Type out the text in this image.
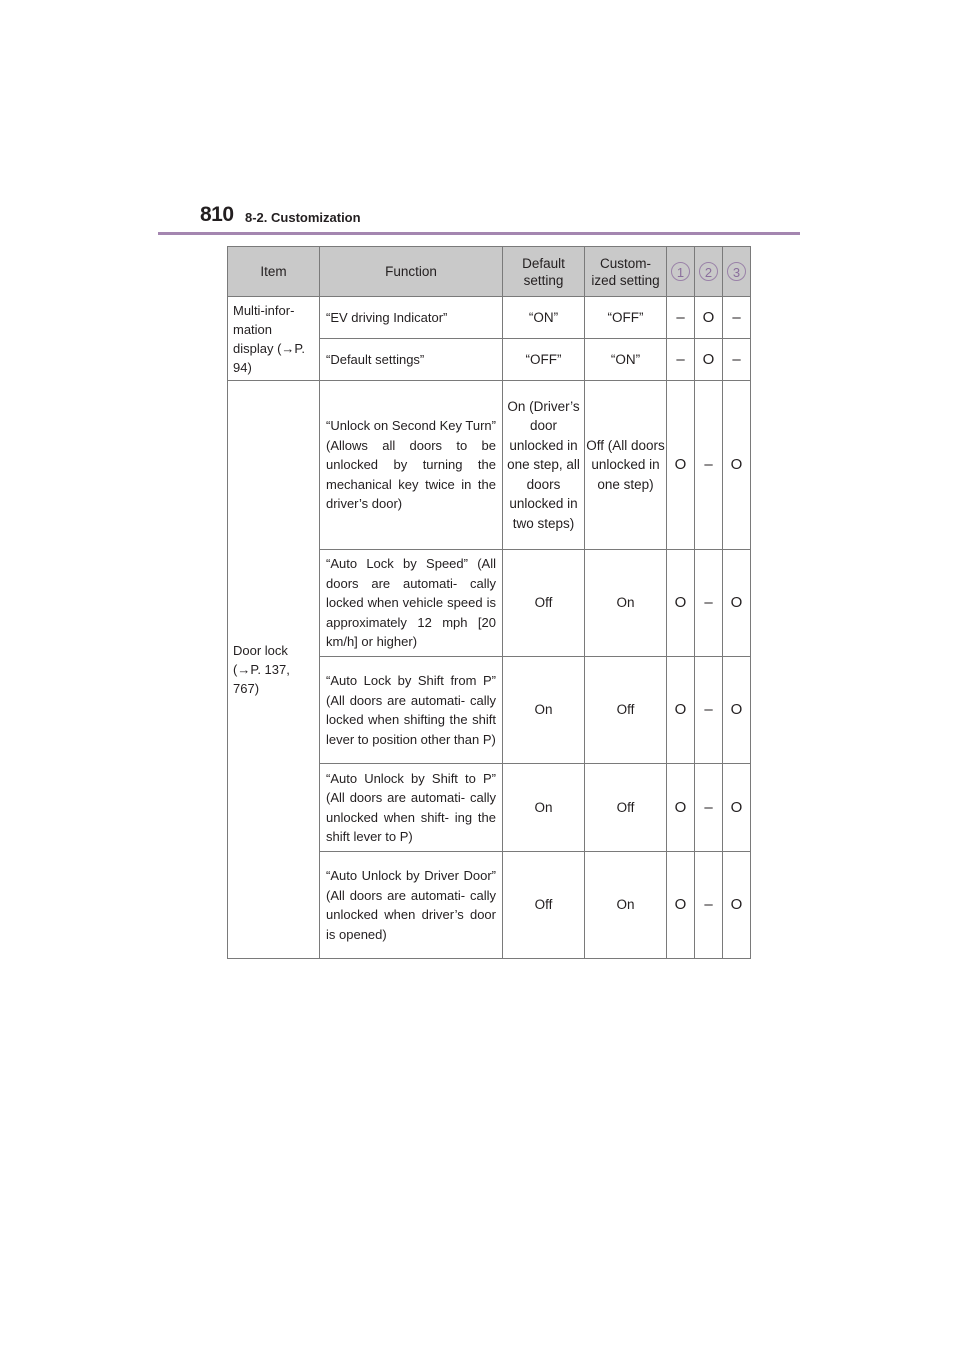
810 8-2. Customization
Item	Function	Default setting	Custom- ized setting	1	2	3
Multi-infor- mation display (→P. 94)	“EV driving Indicator”	“ON”	“OFF”	–	O	–
	“Default settings”	“OFF”	“ON”	–	O	–
Door lock (→P. 137, 767)	“Unlock on Second Key Turn” (Allows all doors to be unlocked by turning the mechanical key twice in the driver’s door)	On (Driver’s door unlocked in one step, all doors unlocked in two steps)	Off (All doors unlocked in one step)	O	–	O
	“Auto Lock by Speed” (All doors are automati- cally locked when vehicle speed is approximately 12 mph [20 km/h] or higher)	Off	On	O	–	O
	“Auto Lock by Shift from P” (All doors are automati- cally locked when shifting the shift lever to position other than P)	On	Off	O	–	O
	“Auto Unlock by Shift to P” (All doors are automati- cally unlocked when shift- ing the shift lever to P)	On	Off	O	–	O
	“Auto Unlock by Driver Door” (All doors are automati- cally unlocked when driver’s door is opened)	Off	On	O	–	O
